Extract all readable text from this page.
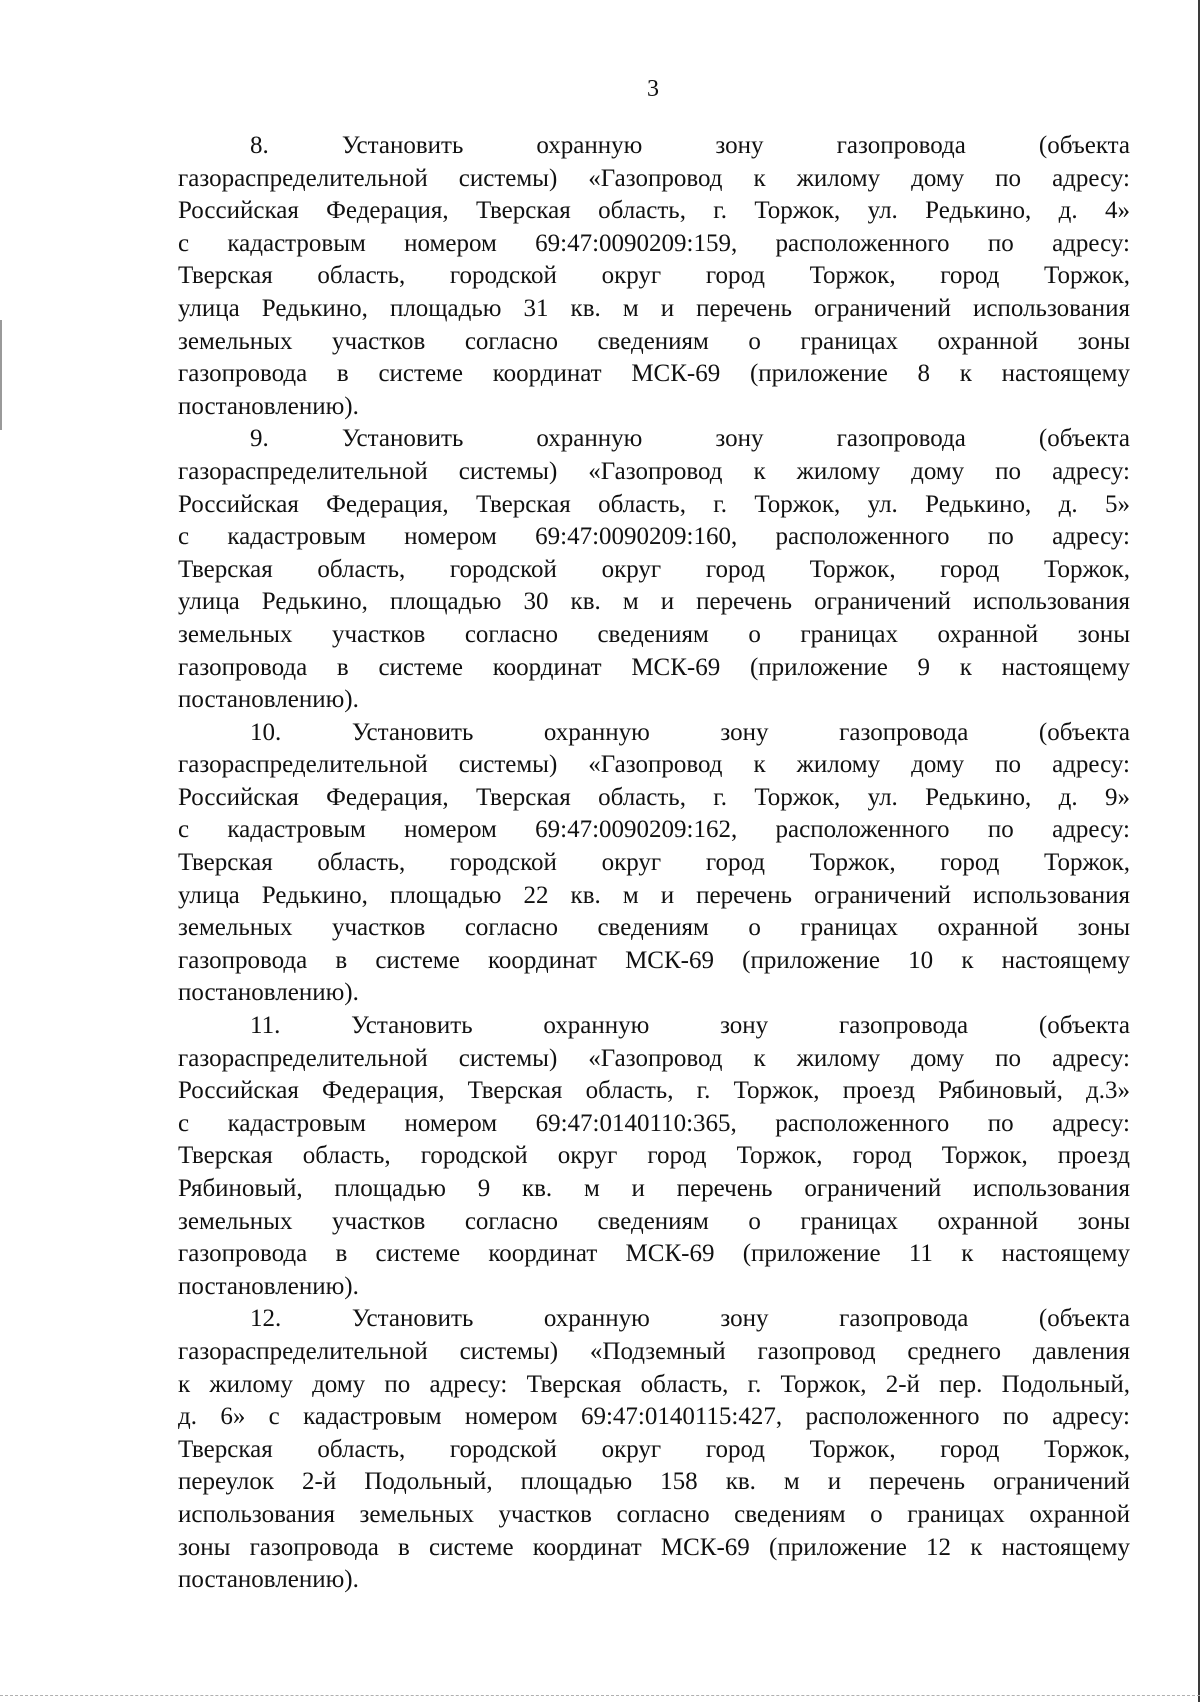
3
8. Установить охранную зону газопровода (объекта
газораспределительной системы) «Газопровод к жилому дому по адресу:
Российская Федерация, Тверская область, г. Торжок, ул. Редькино, д. 4»
с кадастровым номером 69:47:0090209:159, расположенного по адресу:
Тверская область, городской округ город Торжок, город Торжок,
улица Редькино, площадью 31 кв. м и перечень ограничений использования
земельных участков согласно сведениям о границах охранной зоны
газопровода в системе координат МСК-69 (приложение 8 к настоящему
постановлению).
9. Установить охранную зону газопровода (объекта
газораспределительной системы) «Газопровод к жилому дому по адресу:
Российская Федерация, Тверская область, г. Торжок, ул. Редькино, д. 5»
с кадастровым номером 69:47:0090209:160, расположенного по адресу:
Тверская область, городской округ город Торжок, город Торжок,
улица Редькино, площадью 30 кв. м и перечень ограничений использования
земельных участков согласно сведениям о границах охранной зоны
газопровода в системе координат МСК-69 (приложение 9 к настоящему
постановлению).
10. Установить охранную зону газопровода (объекта
газораспределительной системы) «Газопровод к жилому дому по адресу:
Российская Федерация, Тверская область, г. Торжок, ул. Редькино, д. 9»
с кадастровым номером 69:47:0090209:162, расположенного по адресу:
Тверская область, городской округ город Торжок, город Торжок,
улица Редькино, площадью 22 кв. м и перечень ограничений использования
земельных участков согласно сведениям о границах охранной зоны
газопровода в системе координат МСК-69 (приложение 10 к настоящему
постановлению).
11. Установить охранную зону газопровода (объекта
газораспределительной системы) «Газопровод к жилому дому по адресу:
Российская Федерация, Тверская область, г. Торжок, проезд Рябиновый, д.3»
с кадастровым номером 69:47:0140110:365, расположенного по адресу:
Тверская область, городской округ город Торжок, город Торжок, проезд
Рябиновый, площадью 9 кв. м и перечень ограничений использования
земельных участков согласно сведениям о границах охранной зоны
газопровода в системе координат МСК-69 (приложение 11 к настоящему
постановлению).
12. Установить охранную зону газопровода (объекта
газораспределительной системы) «Подземный газопровод среднего давления
к жилому дому по адресу: Тверская область, г. Торжок, 2-й пер. Подольный,
д. 6» с кадастровым номером 69:47:0140115:427, расположенного по адресу:
Тверская область, городской округ город Торжок, город Торжок,
переулок 2-й Подольный, площадью 158 кв. м и перечень ограничений
использования земельных участков согласно сведениям о границах охранной
зоны газопровода в системе координат МСК-69 (приложение 12 к настоящему
постановлению).
